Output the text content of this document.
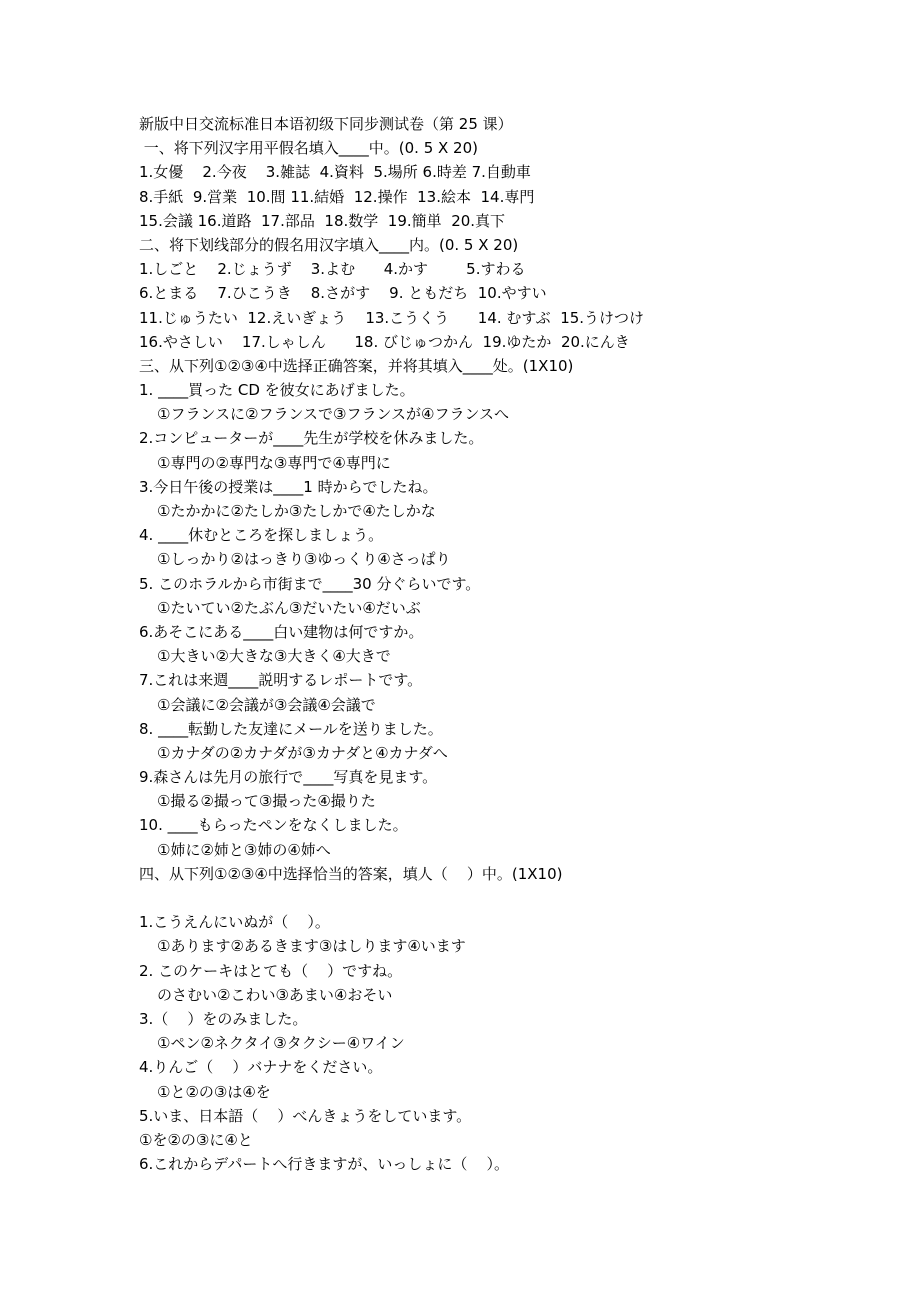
新版中日交流标准日本语初级下同步测试卷（第 25 课）
一、将下列汉字用平假名填入____中。(0. 5 X 20)
1.女優    2.今夜    3.雑誌  4.資料  5.場所 6.時差 7.自動車
8.手紙  9.営業  10.間 11.結婚  12.操作  13.絵本  14.専門
15.会議 16.道路  17.部品  18.数学  19.簡単  20.真下
二、将下划线部分的假名用汉字填入____内。(0. 5 X 20)
1.しごと    2.じょうず    3.よむ      4.かす        5.すわる
6.とまる    7.ひこうき    8.さがす    9. ともだち  10.やすい
11.じゅうたい  12.えいぎょう    13.こうくう      14. むすぶ  15.うけつけ
16.やさしい    17.しゃしん      18. びじゅつかん  19.ゆたか  20.にんき
三、从下列①②③④中选择正确答案，并将其填入____处。(1X10)
1. ____買った CD を彼女にあげました。
①フランスに②フランスで③フランスが④フランスへ
2.コンピューターが____先生が学校を休みました。
①専門の②専門な③専門で④専門に
3.今日午後の授業は____1 時からでしたね。
①たかかに②たしか③たしかで④たしかな
4. ____休むところを探しましょう。
①しっかり②はっきり③ゆっくり④さっぱり
5. このホラルから市街まで____30 分ぐらいです。
①たいてい②たぶん③だいたい④だいぶ
6.あそこにある____白い建物は何ですか。
①大きい②大きな③大きく④大きで
7.これは来週____説明するレポートです。
①会議に②会議が③会議④会議で
8. ____転勤した友達にメールを送りました。
①カナダの②カナダが③カナダと④カナダへ
9.森さんは先月の旅行で____写真を見ます。
①撮る②撮って③撮った④撮りた
10. ____もらったペンをなくしました。
①姉に②姉と③姉の④姉へ
四、从下列①②③④中选择恰当的答案，填人（    ）中。(1X10)
1.こうえんにいぬが（    ）。
①あります②あるきます③はしります④います
2. このケーキはとても（    ）ですね。
のさむい②こわい③あまい④おそい
3.（    ）をのみました。
①ペン②ネクタイ③タクシー④ワイン
4.りんご（    ）バナナをください。
①と②の③は④を
5.いま、日本語（    ）べんきょうをしています。
①を②の③に④と
6.これからデパートへ行きますが、いっしょに（    ）。
